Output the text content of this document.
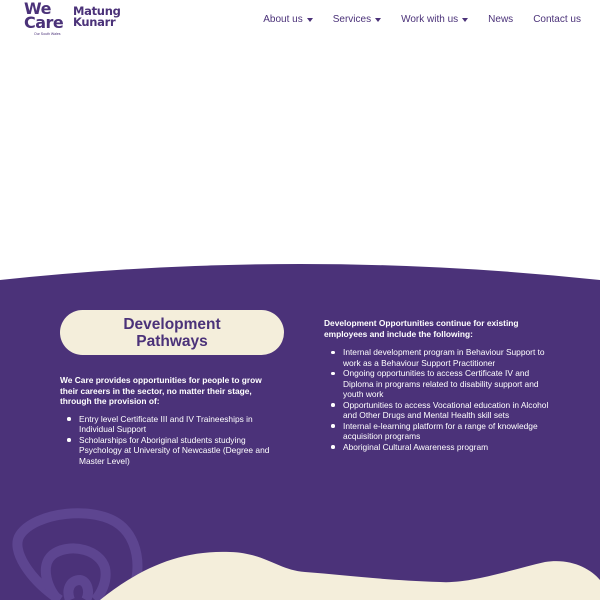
We
Care
Matung
Kunarr
Our South Wales
About us	Services	Work with us	News Contact us
Development Pathways

We Care provides opportunities for people to grow their careers in the sector, no matter their stage, through the provision of:

Entry level Certificate III and IV Traineeships in Individual Support
Scholarships for Aboriginal students studying Psychology at University of Newcastle (Degree and Master Level)

Development Opportunities continue for existing employees and include the following:

Internal development program in Behaviour Support to work as a Behaviour Support Practitioner
Ongoing opportunities to access Certificate IV and Diploma in programs related to disability support and youth work
Opportunities to access Vocational education in Alcohol and Other Drugs and Mental Health skill sets
Internal e-learning platform for a range of knowledge acquisition programs
Aboriginal Cultural Awareness program
